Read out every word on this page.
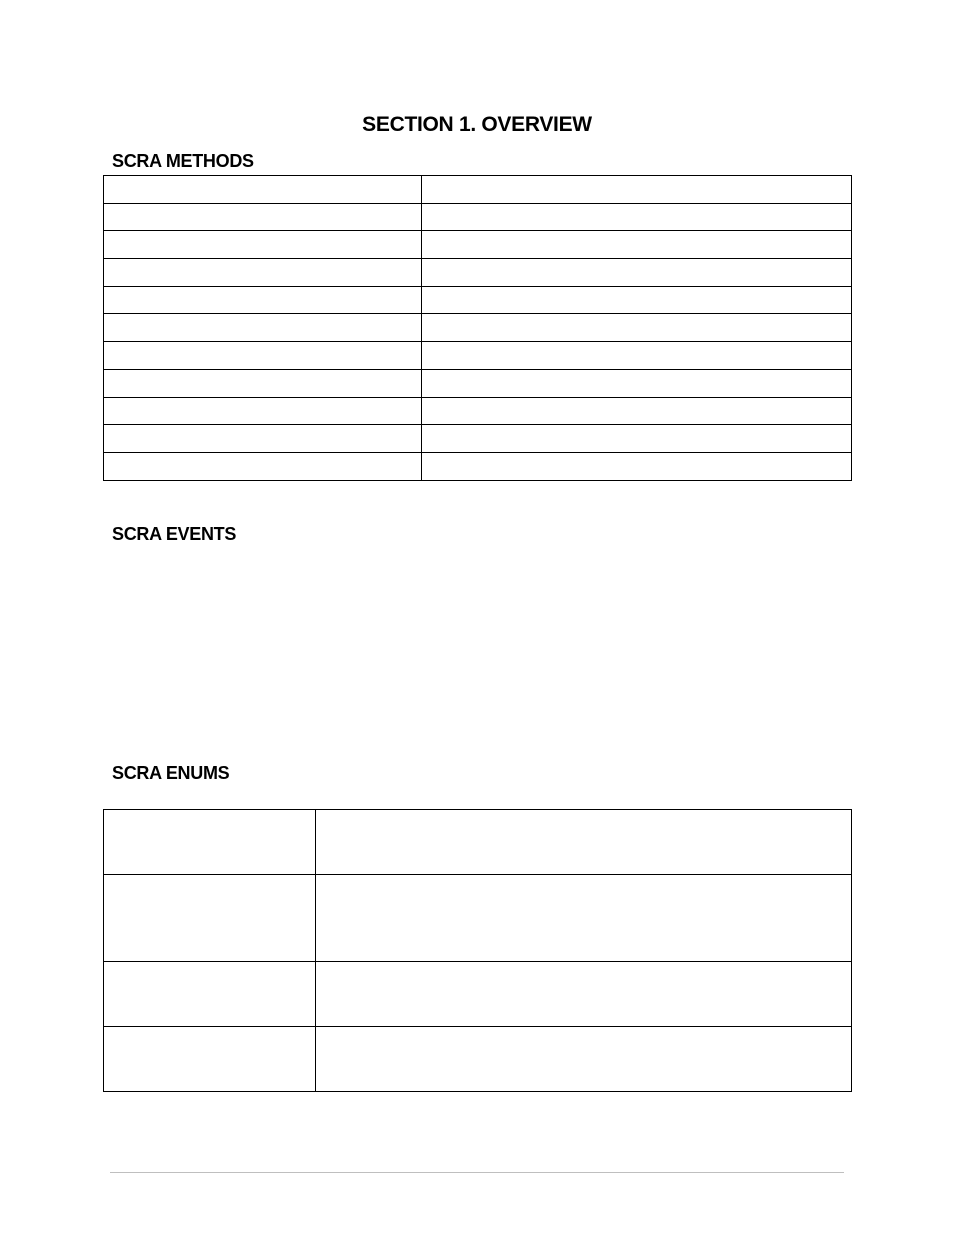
SECTION 1. OVERVIEW
SCRA METHODS

SCRA EVENTS
SCRA ENUMS
